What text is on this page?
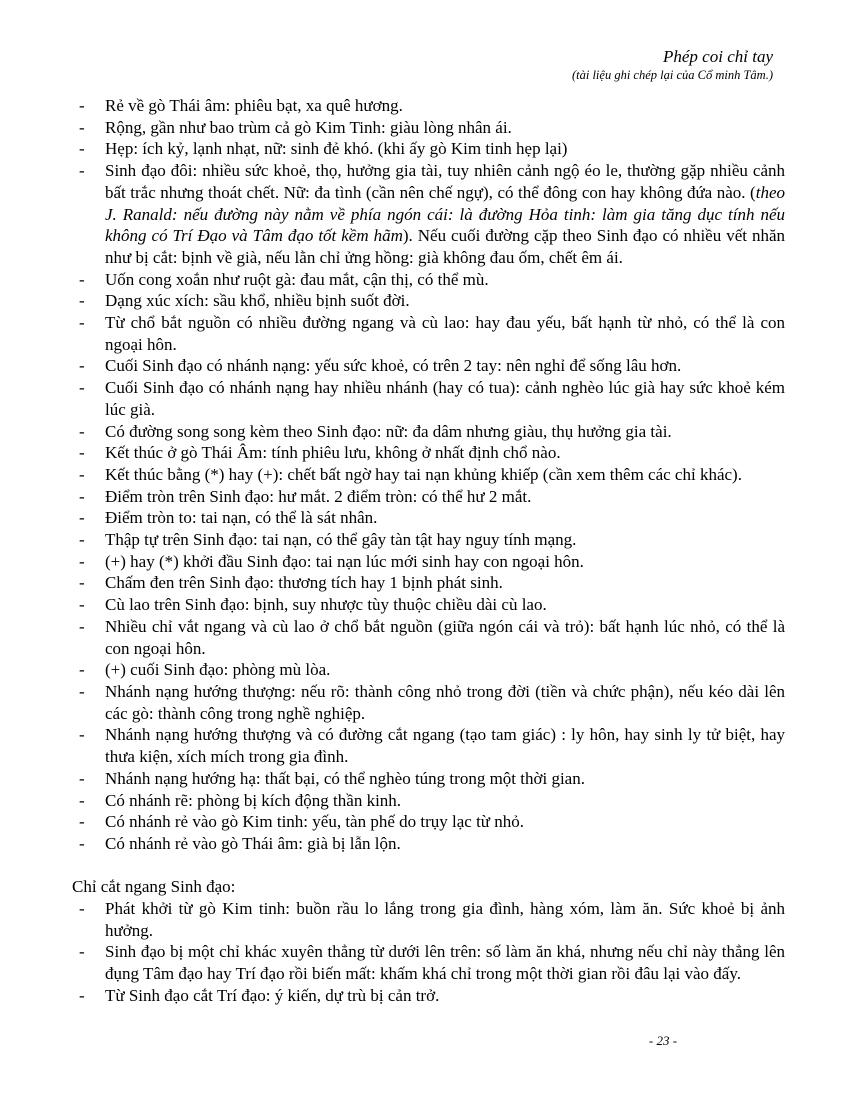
Phép coi chỉ tay
(tài liệu ghi chép lại của Cổ minh Tâm.)
- Rẻ về gò Thái âm: phiêu bạt, xa quê hương.
- Rộng, gần như bao trùm cả gò Kim Tinh: giàu lòng nhân ái.
- Hẹp: ích kỷ, lạnh nhạt, nữ: sinh đẻ khó. (khi ấy gò Kim tinh hẹp lại)
- Sinh đạo đôi: nhiều sức khoẻ, thọ, hưởng gia tài, tuy nhiên cảnh ngộ éo le, thường gặp nhiều cảnh bất trắc nhưng thoát chết. Nữ: đa tình (cần nên chế ngự), có thể đông con hay không đứa nào. (theo J. Ranald: nếu đường này nằm về phía ngón cái: là đường Hỏa tinh: làm gia tăng dục tính nếu không có Trí Đạo và Tâm đạo tốt kềm hãm). Nếu cuối đường cặp theo Sinh đạo có nhiều vết nhăn như bị cắt: bịnh về già, nếu lằn chỉ ửng hồng: già không đau ốm, chết êm ái.
- Uốn cong xoắn như ruột gà: đau mắt, cận thị, có thể mù.
- Dạng xúc xích: sầu khổ, nhiều bịnh suốt đời.
- Từ chổ bắt nguồn có nhiều đường ngang và cù lao: hay đau yếu, bất hạnh từ nhỏ, có thể là con ngoại hôn.
- Cuối Sinh đạo có nhánh nạng: yếu sức khoẻ, có trên 2 tay: nên nghỉ để sống lâu hơn.
- Cuối Sinh đạo có nhánh nạng hay nhiều nhánh (hay có tua): cảnh nghèo lúc già hay sức khoẻ kém lúc già.
- Có đường song song kèm theo Sinh đạo: nữ: đa dâm nhưng giàu, thụ hưởng gia tài.
- Kết thúc ở gò Thái Âm: tính phiêu lưu, không ở nhất định chổ nào.
- Kết thúc bằng (*) hay (+): chết bất ngờ hay tai nạn khủng khiếp (cần xem thêm các chỉ khác).
- Điểm tròn trên Sinh đạo: hư mắt. 2 điểm tròn: có thể hư 2 mắt.
- Điểm tròn to: tai nạn, có thể là sát nhân.
- Thập tự trên Sinh đạo: tai nạn, có thể gây tàn tật hay nguy tính mạng.
- (+) hay (*) khởi đầu Sinh đạo: tai nạn lúc mới sinh hay con ngoại hôn.
- Chấm đen trên Sinh đạo: thương tích hay 1 bịnh phát sinh.
- Cù lao trên Sinh đạo: bịnh, suy nhược tùy thuộc chiều dài cù lao.
- Nhiều chỉ vắt ngang và cù lao ở chổ bắt nguồn (giữa ngón cái và trỏ): bất hạnh lúc nhỏ, có thể là con ngoại hôn.
- (+) cuối Sinh đạo: phòng mù lòa.
- Nhánh nạng hướng thượng: nếu rõ: thành công nhỏ trong đời (tiền và chức phận), nếu kéo dài lên các gò: thành công trong nghề nghiệp.
- Nhánh nạng hướng thượng và có đường cắt ngang (tạo tam giác) : ly hôn, hay sinh ly tử biệt, hay thưa kiện, xích mích trong gia đình.
- Nhánh nạng hướng hạ: thất bại, có thể nghèo túng trong một thời gian.
- Có nhánh rẽ: phòng bị kích động thần kinh.
- Có nhánh rẻ vào gò Kim tinh: yếu, tàn phế do trụy lạc từ nhỏ.
- Có nhánh rẻ vào gò Thái âm: già bị lẫn lộn.

Chỉ cắt ngang Sinh đạo:

- Phát khởi từ gò Kim tinh: buồn rầu lo lắng trong gia đình, hàng xóm, làm ăn. Sức khoẻ bị ảnh hưởng.
- Sinh đạo bị một chỉ khác xuyên thẳng từ dưới lên trên: số làm ăn khá, nhưng nếu chỉ này thẳng lên đụng Tâm đạo hay Trí đạo rồi biến mất: khấm khá chỉ trong một thời gian rồi đâu lại vào đấy.
- Từ Sinh đạo cắt Trí đạo: ý kiến, dự trù bị cản trở.
- 23 -
